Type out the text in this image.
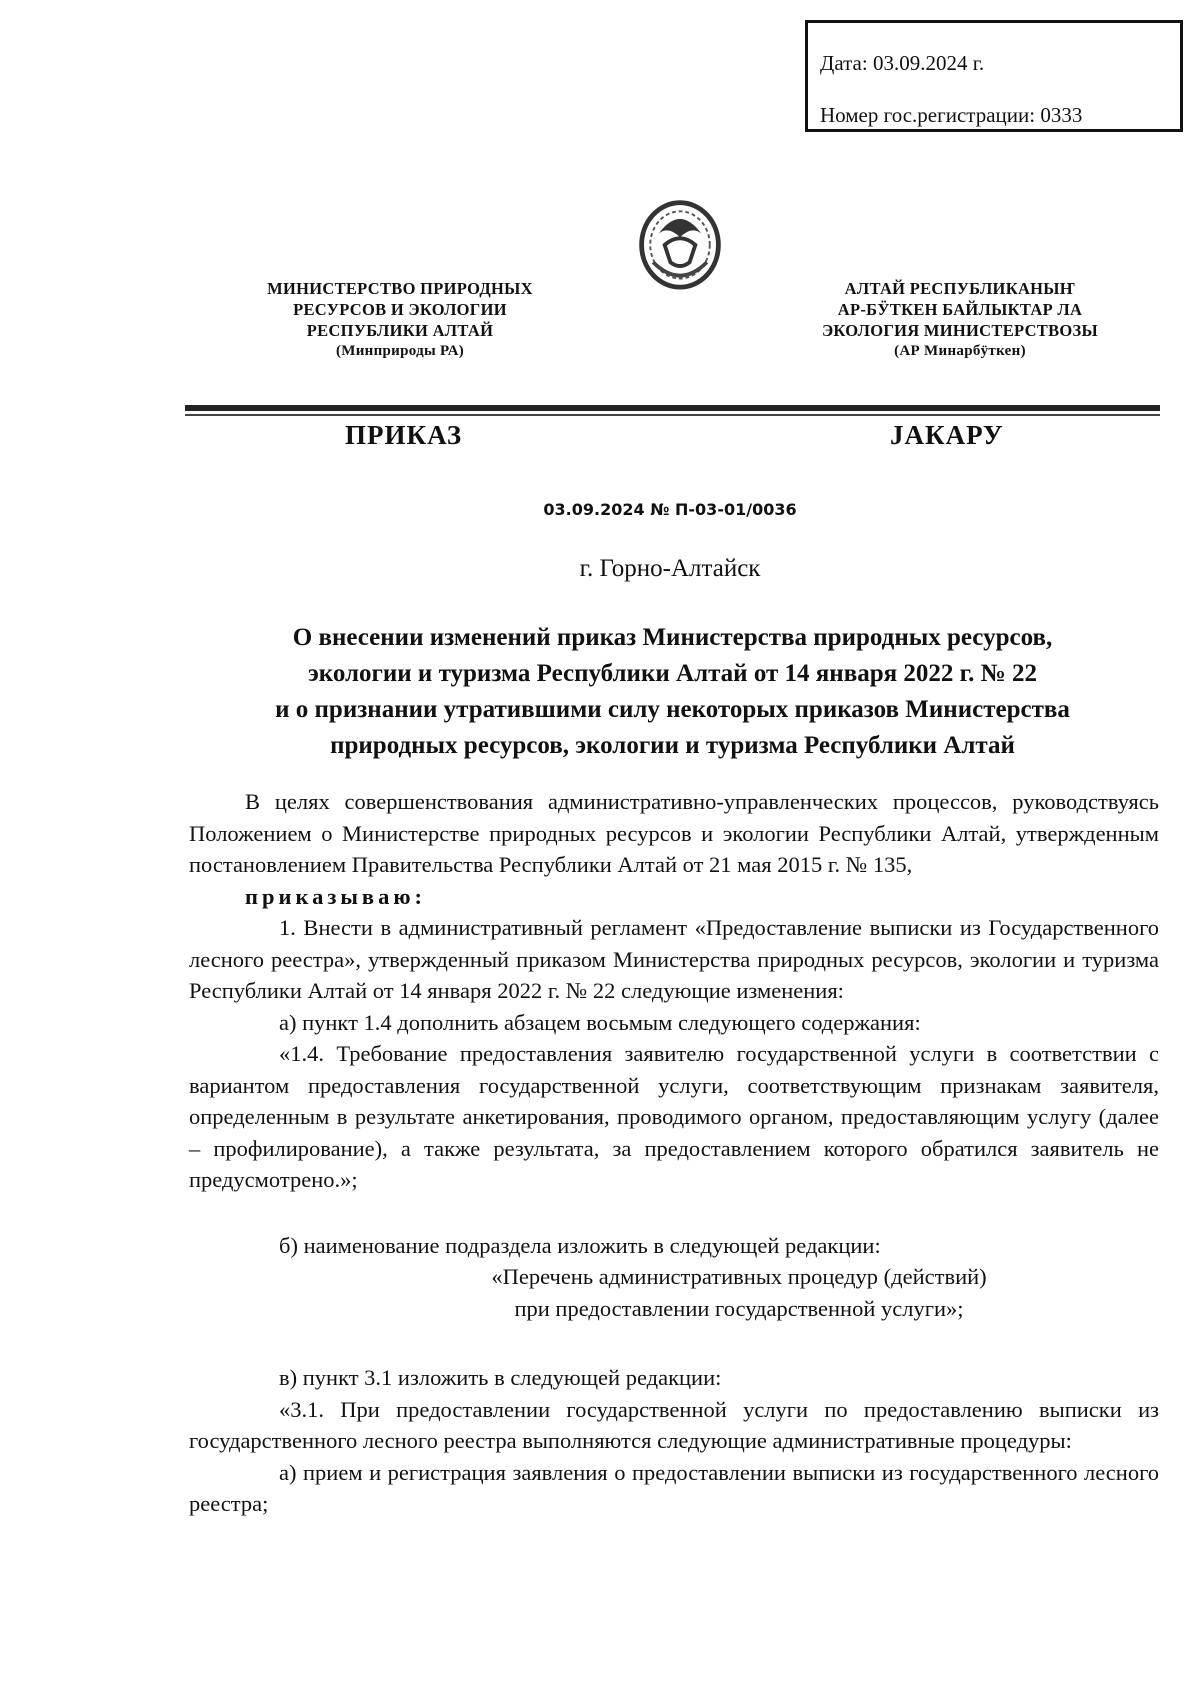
Дата: 03.09.2024 г.
Номер гос.регистрации: 0333
МИНИСТЕРСТВО ПРИРОДНЫХ
РЕСУРСОВ И ЭКОЛОГИИ
РЕСПУБЛИКИ АЛТАЙ
(Минприроды РА)
АЛТАЙ РЕСПУБЛИКАНЫҤ
АР-БӰТКЕН БАЙЛЫКТАР ЛА
ЭКОЛОГИЯ МИНИСТЕРСТВОЗЫ
(АР Минарбӱткен)
ПРИКАЗ	JАКАРУ
03.09.2024 № П-03-01/0036
г. Горно-Алтайск
О внесении изменений приказ Министерства природных ресурсов,
экологии и туризма Республики Алтай от 14 января 2022 г. № 22
и о признании утратившими силу некоторых приказов Министерства
природных ресурсов, экологии и туризма Республики Алтай

В целях совершенствования административно-управленческих процессов, руководствуясь Положением о Министерстве природных ресурсов и экологии Республики Алтай, утвержденным постановлением Правительства Республики Алтай от 21 мая 2015 г. № 135,

приказываю:

1. Внести в административный регламент «Предоставление выписки из Государственного лесного реестра», утвержденный приказом Министерства природных ресурсов, экологии и туризма Республики Алтай от 14 января 2022 г. № 22 следующие изменения:

а) пункт 1.4 дополнить абзацем восьмым следующего содержания:

«1.4. Требование предоставления заявителю государственной услуги в соответствии с вариантом предоставления государственной услуги, соответствующим признакам заявителя, определенным в результате анкетирования, проводимого органом, предоставляющим услугу (далее – профилирование), а также результата, за предоставлением которого обратился заявитель не предусмотрено.»;

б) наименование подраздела изложить в следующей редакции:

«Перечень административных процедур (действий)

при предоставлении государственной услуги»;

в) пункт 3.1 изложить в следующей редакции:

«3.1. При предоставлении государственной услуги по предоставлению выписки из государственного лесного реестра выполняются следующие административные процедуры:

а) прием и регистрация заявления о предоставлении выписки из государственного лесного реестра;
